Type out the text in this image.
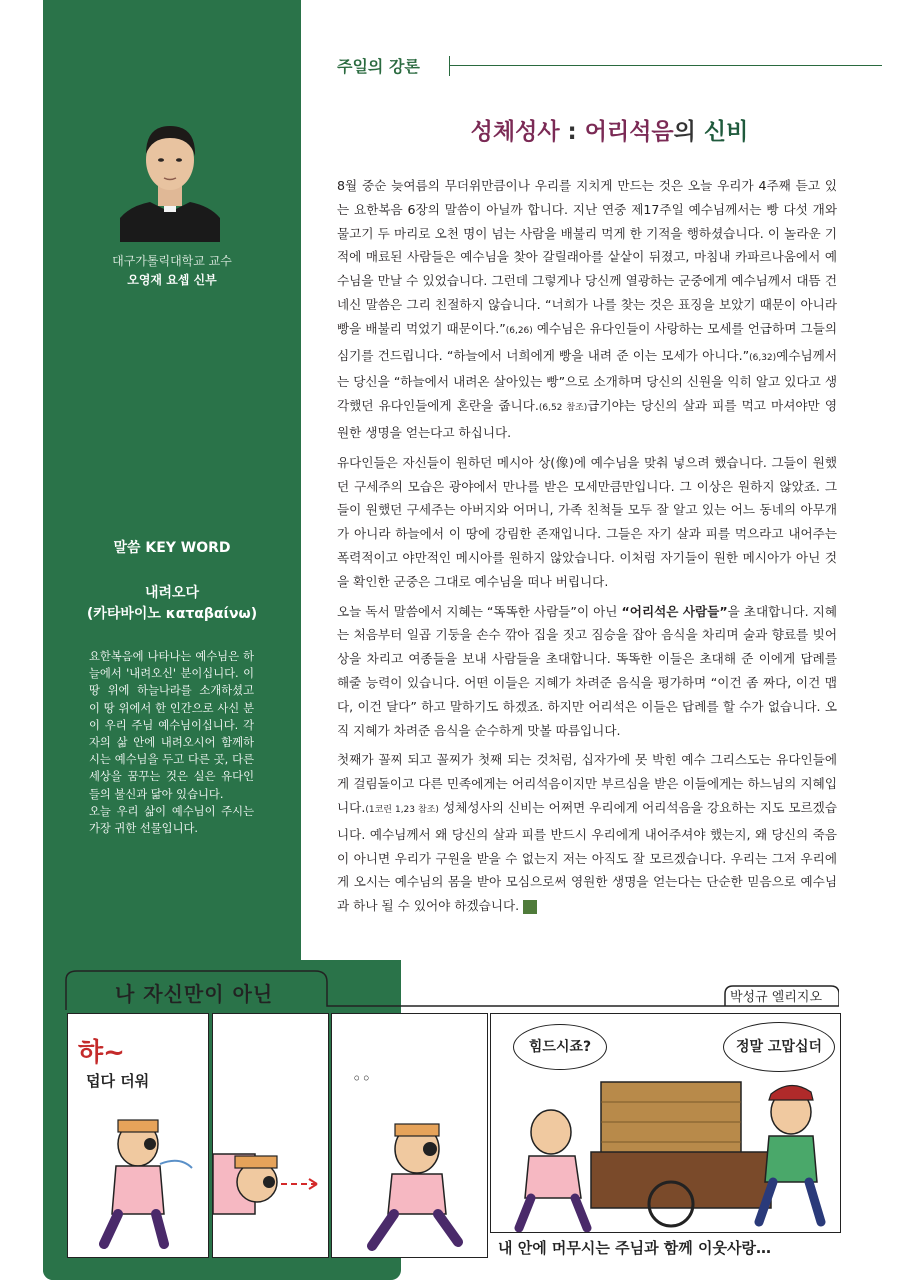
대구가톨릭대학교 교수
오영재 요셉 신부
말씀 KEY WORD
내려오다
(카타바이노 καταβαίνω)

요한복음에 나타나는 예수님은 하늘에서 '내려오신' 분이십니다. 이 땅 위에 하늘나라를 소개하셨고 이 땅 위에서 한 인간으로 사신 분이 우리 주님 예수님이십니다. 각자의 삶 안에 내려오시어 함께하시는 예수님을 두고 다른 곳, 다른 세상을 꿈꾸는 것은 실은 유다인들의 불신과 닮아 있습니다.

오늘 우리 삶이 예수님이 주시는 가장 귀한 선물입니다.

주일의 강론
성체성사 : 어리석음의 신비

8월 중순 늦여름의 무더위만큼이나 우리를 지치게 만드는 것은 오늘 우리가 4주째 듣고 있는 요한복음 6장의 말씀이 아닐까 합니다. 지난 연중 제17주일 예수님께서는 빵 다섯 개와 물고기 두 마리로 오천 명이 넘는 사람을 배불리 먹게 한 기적을 행하셨습니다. 이 놀라운 기적에 매료된 사람들은 예수님을 찾아 갈릴래아를 샅샅이 뒤졌고, 마침내 카파르나움에서 예수님을 만날 수 있었습니다. 그런데 그렇게나 당신께 열광하는 군중에게 예수님께서 대뜸 건네신 말씀은 그리 친절하지 않습니다. “너희가 나를 찾는 것은 표징을 보았기 때문이 아니라 빵을 배불리 먹었기 때문이다.”(6,26) 예수님은 유다인들이 사랑하는 모세를 언급하며 그들의 심기를 건드립니다. “하늘에서 너희에게 빵을 내려 준 이는 모세가 아니다.”(6,32)예수님께서는 당신을 “하늘에서 내려온 살아있는 빵”으로 소개하며 당신의 신원을 익히 알고 있다고 생각했던 유다인들에게 혼란을 줍니다.(6,52 참조)급기야는 당신의 살과 피를 먹고 마셔야만 영원한 생명을 얻는다고 하십니다.

유다인들은 자신들이 원하던 메시아 상(像)에 예수님을 맞춰 넣으려 했습니다. 그들이 원했던 구세주의 모습은 광야에서 만나를 받은 모세만큼만입니다. 그 이상은 원하지 않았죠. 그들이 원했던 구세주는 아버지와 어머니, 가족 친척들 모두 잘 알고 있는 어느 동네의 아무개가 아니라 하늘에서 이 땅에 강림한 존재입니다. 그들은 자기 살과 피를 먹으라고 내어주는 폭력적이고 야만적인 메시아를 원하지 않았습니다. 이처럼 자기들이 원한 메시아가 아닌 것을 확인한 군중은 그대로 예수님을 떠나 버립니다.

오늘 독서 말씀에서 지혜는 “똑똑한 사람들”이 아닌 “어리석은 사람들”을 초대합니다. 지혜는 처음부터 일곱 기둥을 손수 깎아 집을 짓고 짐승을 잡아 음식을 차리며 술과 향료를 빚어 상을 차리고 여종들을 보내 사람들을 초대합니다. 똑똑한 이들은 초대해 준 이에게 답례를 해줄 능력이 있습니다. 어떤 이들은 지혜가 차려준 음식을 평가하며 “이건 좀 짜다, 이건 맵다, 이건 달다” 하고 말하기도 하겠죠. 하지만 어리석은 이들은 답례를 할 수가 없습니다. 오직 지혜가 차려준 음식을 순수하게 맛볼 따름입니다.

첫째가 꼴찌 되고 꼴찌가 첫째 되는 것처럼, 십자가에 못 박힌 예수 그리스도는 유다인들에게 걸림돌이고 다른 민족에게는 어리석음이지만 부르심을 받은 이들에게는 하느님의 지혜입니다.(1코린 1,23 참조) 성체성사의 신비는 어쩌면 우리에게 어리석음을 강요하는 지도 모르겠습니다. 예수님께서 왜 당신의 살과 피를 반드시 우리에게 내어주셔야 했는지, 왜 당신의 죽음이 아니면 우리가 구원을 받을 수 없는지 저는 아직도 잘 모르겠습니다. 우리는 그저 우리에게 오시는 예수님의 몸을 받아 모심으로써 영원한 생명을 얻는다는 단순한 믿음으로 예수님과 하나 될 수 있어야 하겠습니다.

나 자신만이 아닌	박성규 엘리지오
햐~
덥다 더워	◦◦
힘드시죠?	정말 고맙십더
내 안에 머무시는 주님과 함께 이웃사랑…
